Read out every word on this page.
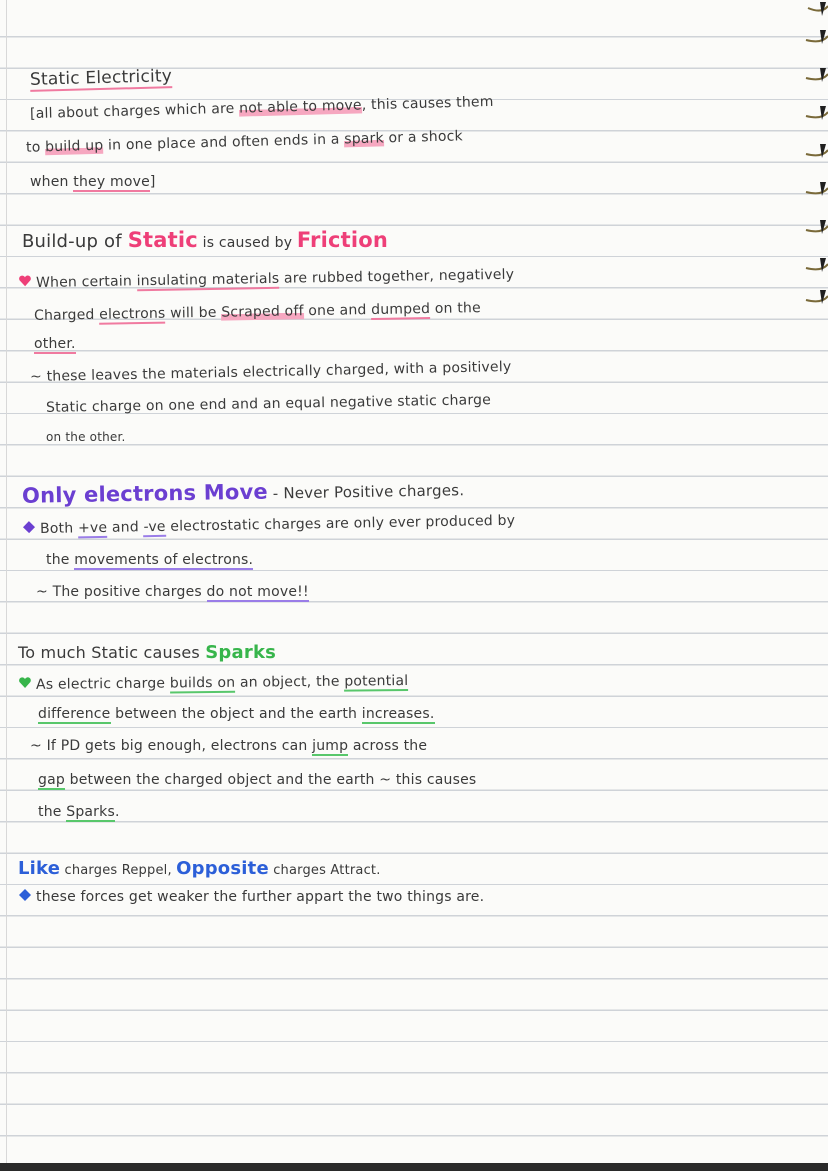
Static Electricity
[all about charges which are not able to move, this causes them
to build up in one place and often ends in a spark or a shock
when they move]
Build-up of Static is caused by Friction
When certain insulating materials are rubbed together, negatively
Charged electrons will be Scraped off one and dumped on the
other.
~ these leaves the materials electrically charged, with a positively
Static charge on one end and an equal negative static charge
on the other.
Only electrons Move - Never Positive charges.
Both +ve and -ve electrostatic charges are only ever produced by
the movements of electrons.
~ The positive charges do not move!!
To much Static causes Sparks
As electric charge builds on an object, the potential
difference between the object and the earth increases.
~ If PD gets big enough, electrons can jump across the
gap between the charged object and the earth ~ this causes
the Sparks.
Like charges Reppel, Opposite charges Attract.
these forces get weaker the further appart the two things are.
